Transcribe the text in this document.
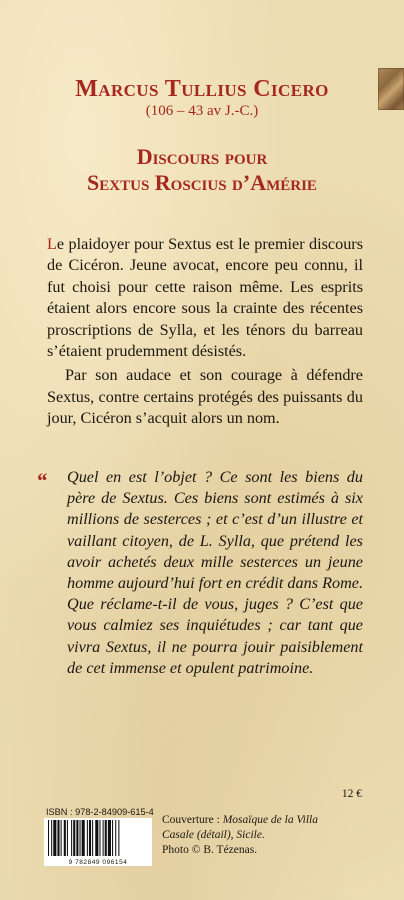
Marcus Tullius Cicero
(106 – 43 av J.-C.)
Discours pour
Sextus Roscius d’Amérie

Le plaidoyer pour Sextus est le premier discours de Cicéron. Jeune avocat, encore peu connu, il fut choisi pour cette raison même. Les esprits étaient alors encore sous la crainte des récentes proscriptions de Sylla, et les ténors du barreau s’étaient prudemment désistés.

Par son audace et son courage à défendre Sextus, contre certains protégés des puissants du jour, Cicéron s’acquit alors un nom.

“ Quel en est l’objet ? Ce sont les biens du père de Sextus. Ces biens sont estimés à six millions de sesterces ; et c’est d’un illustre et vaillant citoyen, de L. Sylla, que prétend les avoir achetés deux mille sesterces un jeune homme aujourd’hui fort en crédit dans Rome. Que réclame-t-il de vous, juges ? C’est que vous calmiez ses inquiétudes ; car tant que vivra Sextus, il ne pourra jouir paisiblement de cet immense et opulent patrimoine.
12 €
ISBN : 978-2-84909-615-4
9 782849 096154
Couverture : Mosaïque de la Villa Casale (détail), Sicile.
Photo © B. Tézenas.
